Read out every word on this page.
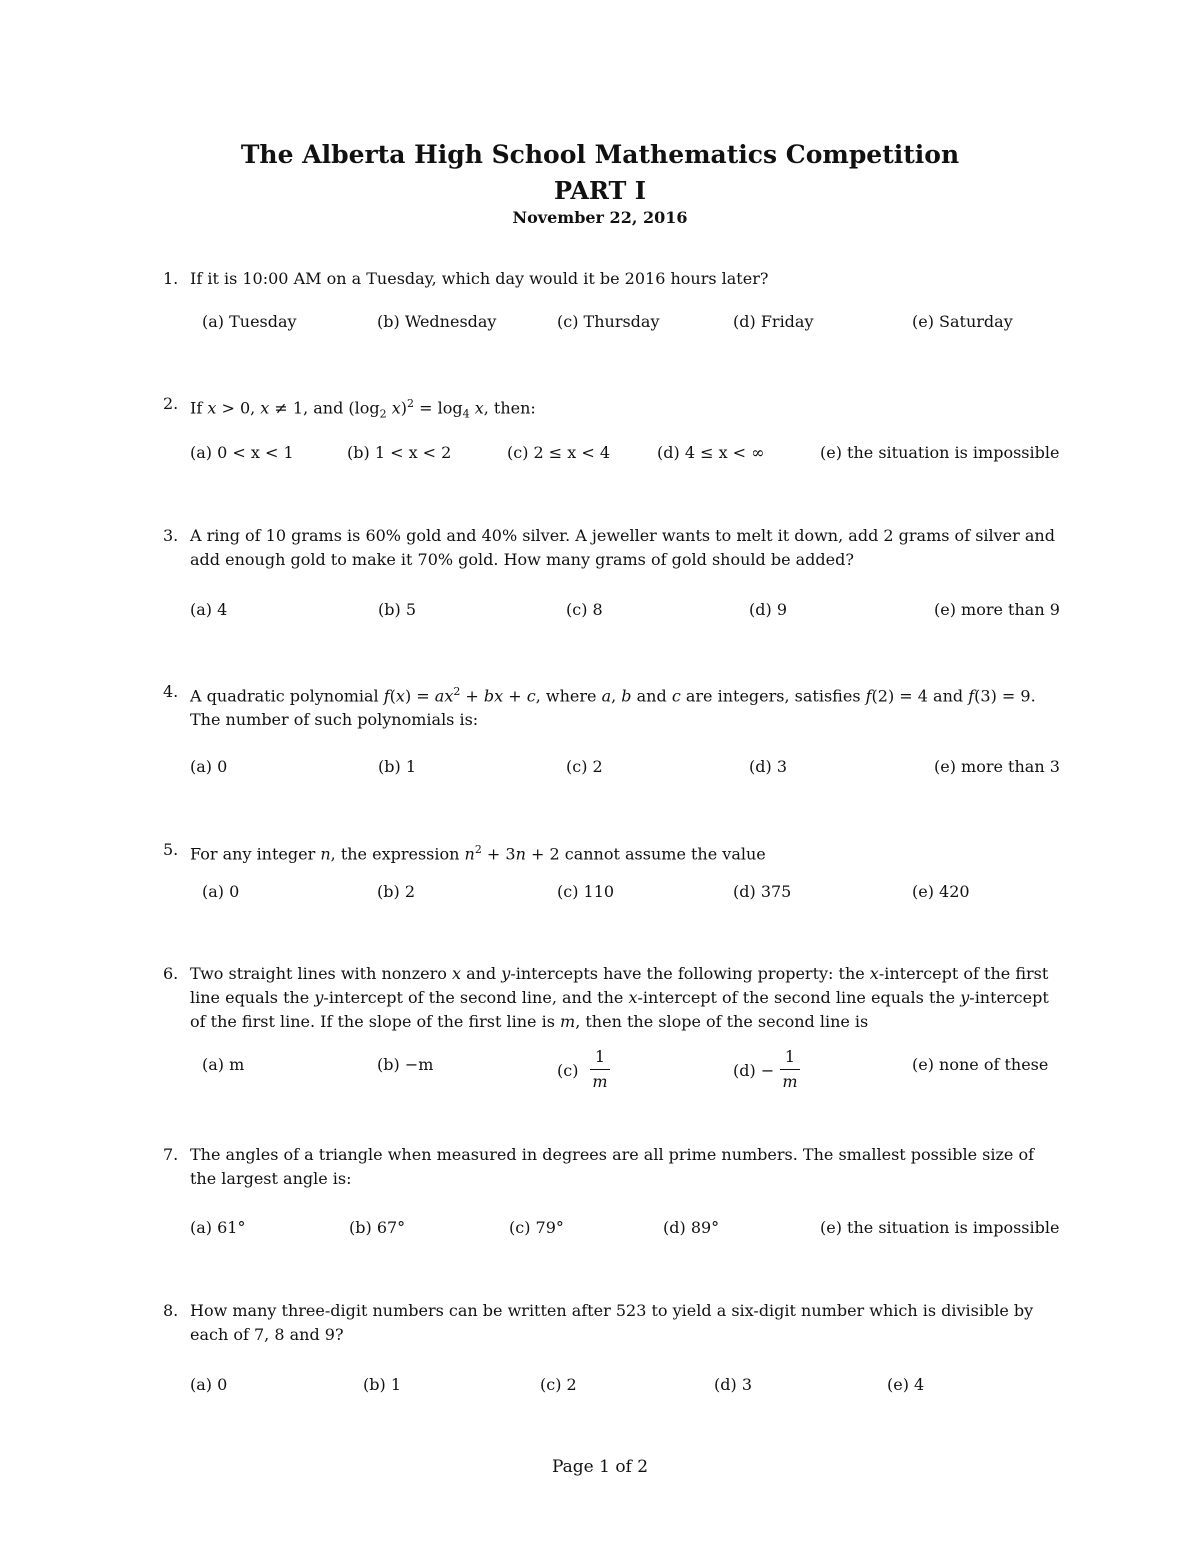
The Alberta High School Mathematics Competition
PART I
November 22, 2016
1. If it is 10:00 AM on a Tuesday, which day would it be 2016 hours later?
(a) Tuesday	(b) Wednesday	(c) Thursday	(d) Friday	(e) Saturday
2. If x > 0, x ≠ 1, and ($\log_2$ $x)^2 = \log_4 x$, then:
(a) 0 < x < 1	(b) 1 < x < 2	(c) 2 ≤ x < 4	(d) 4 ≤ x < ∞	(e) the situation is impossible
3. A ring of 10 grams is 60% gold and 40% silver. A jeweller wants to melt it down, add 2 grams of silver and add enough gold to make it 70% gold. How many grams of gold should be added?
(a) 4	(b) 5	(c) 8	(d) 9	(e) more than 9
4. A quadratic polynomial $f(x) = ax^2$ + bx + c, where a, b and c are integers, satisfies f(2) = 4 and f(3) = 9. The number of such polynomials is:
(a) 0	(b) 1	(c) 2	(d) 3	(e) more than 3
5. For any integer n, the expression $n^2 + 3n + 2$ cannot assume the value
(a) 0	(b) 2	(c) 110	(d) 375	(e) 420
6. Two straight lines with nonzero x and y-intercepts have the following property: the x-intercept of the first line equals the y-intercept of the second line, and the x-intercept of the second line equals the y-intercept of the first line. If the slope of the first line is m, then the slope of the second line is
(a) m	(b) −m	(c)
1
m
(d) −
1
m
(e) none of these
7. The angles of a triangle when measured in degrees are all prime numbers. The smallest possible size of the largest angle is:
(a) 61°	(b) 67°	(c) 79°	(d) 89°	(e) the situation is impossible
8. How many three-digit numbers can be written after 523 to yield a six-digit number which is divisible by each of 7, 8 and 9?
(a) 0	(b) 1	(c) 2	(d) 3	(e) 4
Page 1 of 2
